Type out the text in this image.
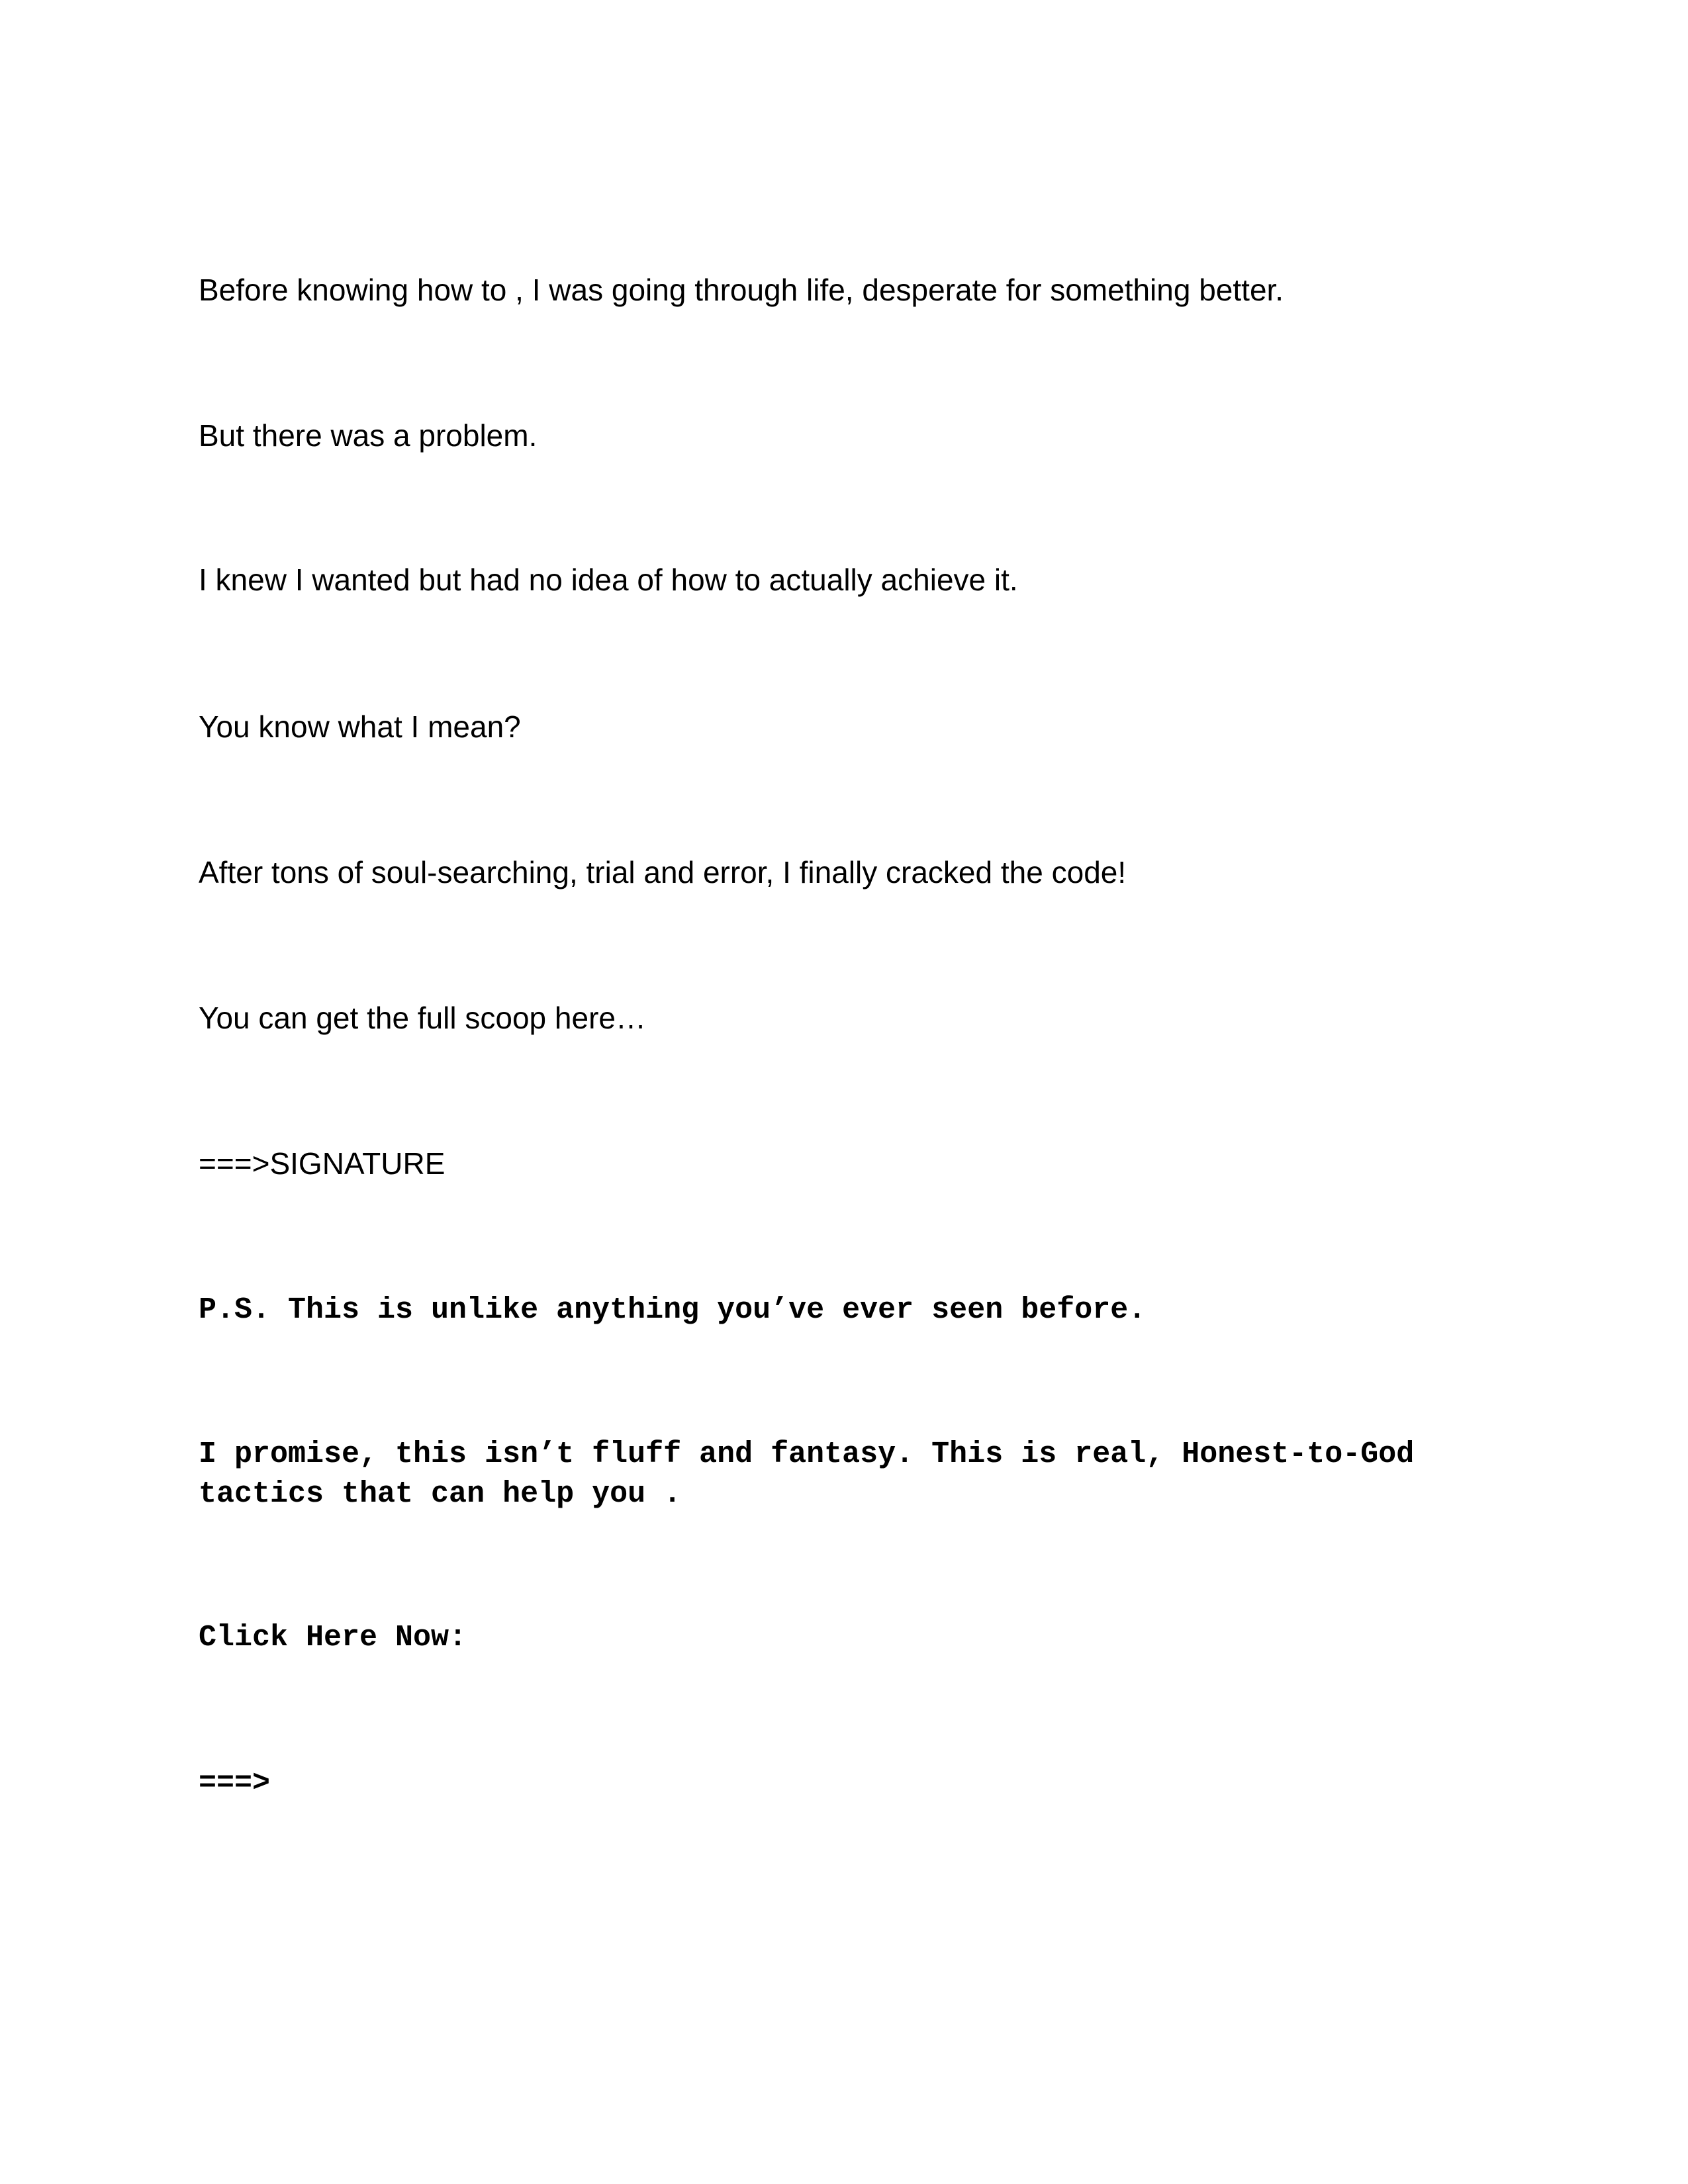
Before knowing how to , I was going through life, desperate for something better.

But there was a problem.

I knew I wanted but had no idea of how to actually achieve it.

You know what I mean?

After tons of soul-searching, trial and error, I finally cracked the code!

You can get the full scoop here…

===>SIGNATURE

P.S. This is unlike anything you’ve ever seen before.

I promise, this isn’t fluff and fantasy. This is real, Honest-to-God

tactics that can help you .

Click Here Now:

===>
